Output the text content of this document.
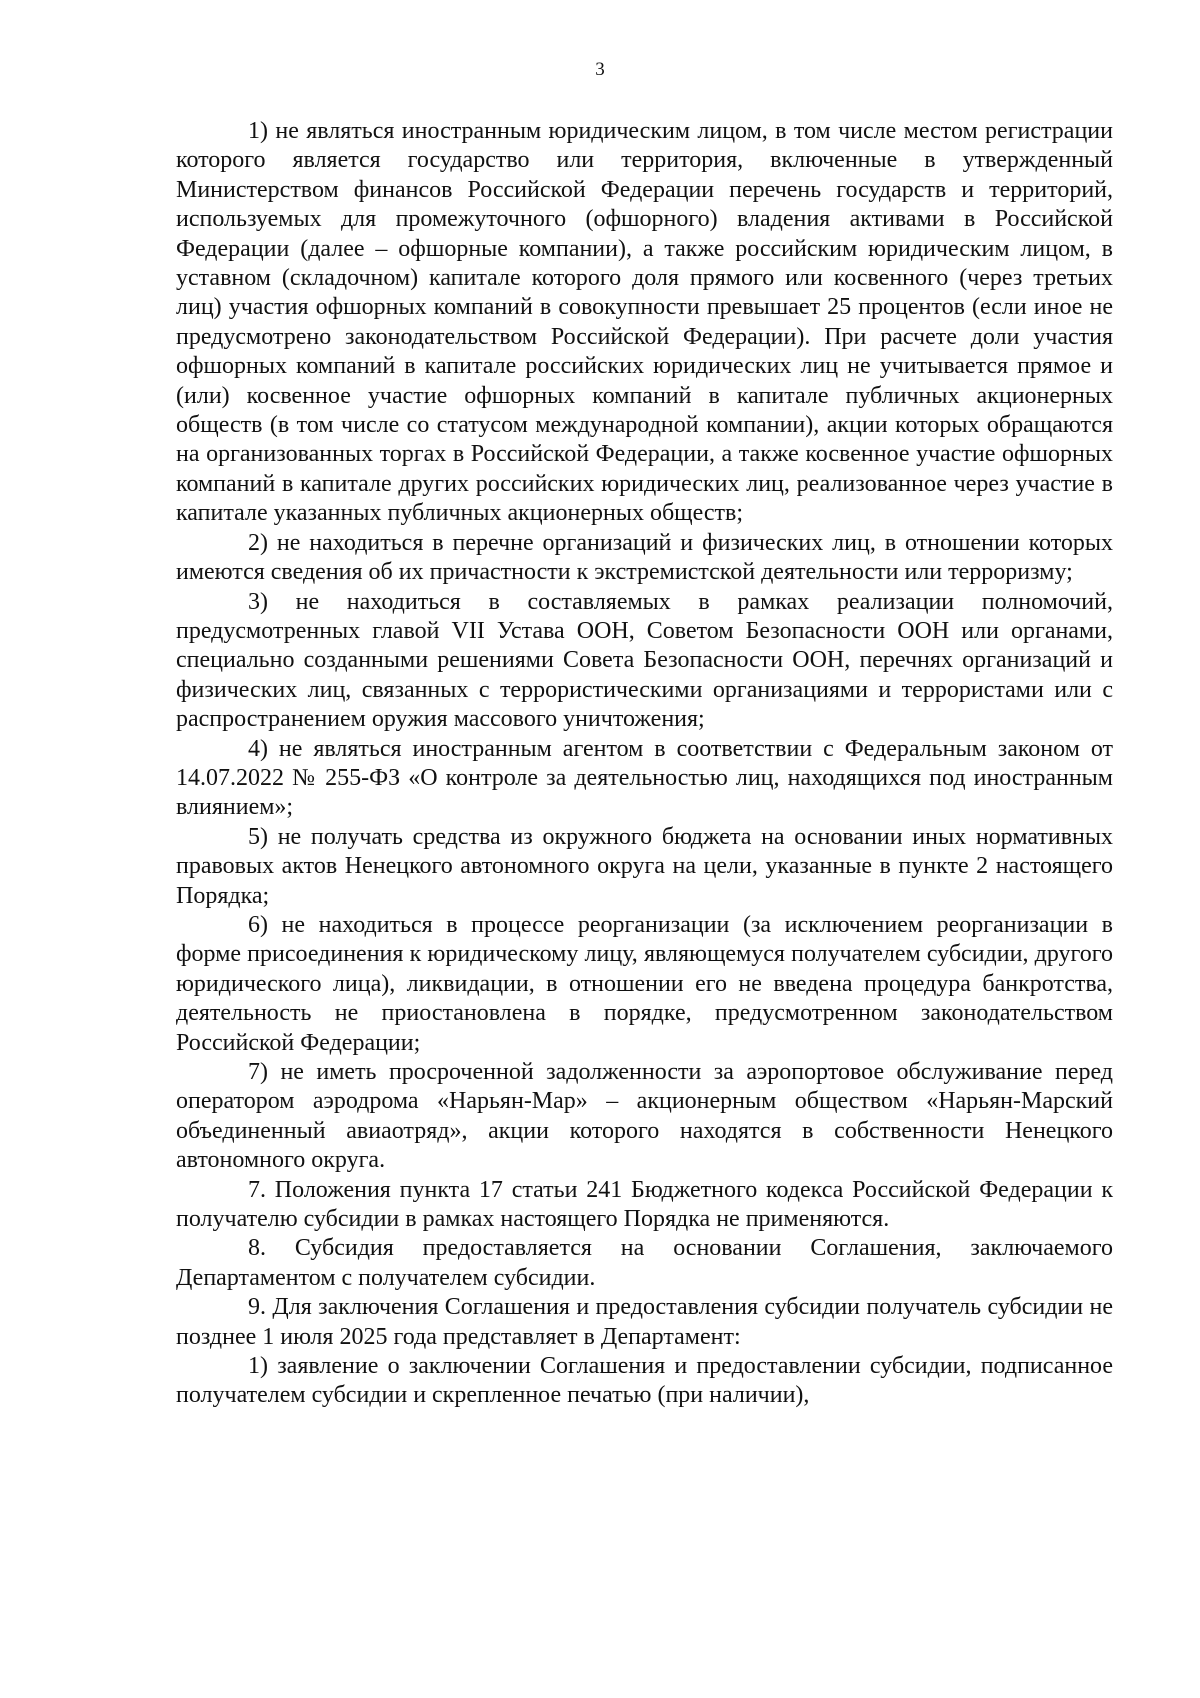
3

1) не являться иностранным юридическим лицом, в том числе местом регистрации которого является государство или территория, включенные в утвержденный Министерством финансов Российской Федерации перечень государств и территорий, используемых для промежуточного (офшорного) владения активами в Российской Федерации (далее – офшорные компании), а также российским юридическим лицом, в уставном (складочном) капитале которого доля прямого или косвенного (через третьих лиц) участия офшорных компаний в совокупности превышает 25 процентов (если иное не предусмотрено законодательством Российской Федерации). При расчете доли участия офшорных компаний в капитале российских юридических лиц не учитывается прямое и (или) косвенное участие офшорных компаний в капитале публичных акционерных обществ (в том числе со статусом международной компании), акции которых обращаются на организованных торгах в Российской Федерации, а также косвенное участие офшорных компаний в капитале других российских юридических лиц, реализованное через участие в капитале указанных публичных акционерных обществ;

2) не находиться в перечне организаций и физических лиц, в отношении которых имеются сведения об их причастности к экстремистской деятельности или терроризму;

3) не находиться в составляемых в рамках реализации полномочий, предусмотренных главой VII Устава ООН, Советом Безопасности ООН или органами, специально созданными решениями Совета Безопасности ООН, перечнях организаций и физических лиц, связанных с террористическими организациями и террористами или с распространением оружия массового уничтожения;

4) не являться иностранным агентом в соответствии с Федеральным законом от 14.07.2022 № 255-ФЗ «О контроле за деятельностью лиц, находящихся под иностранным влиянием»;

5) не получать средства из окружного бюджета на основании иных нормативных правовых актов Ненецкого автономного округа на цели, указанные в пункте 2 настоящего Порядка;

6) не находиться в процессе реорганизации (за исключением реорганизации в форме присоединения к юридическому лицу, являющемуся получателем субсидии, другого юридического лица), ликвидации, в отношении его не введена процедура банкротства, деятельность не приостановлена в порядке, предусмотренном законодательством Российской Федерации;

7) не иметь просроченной задолженности за аэропортовое обслуживание перед оператором аэродрома «Нарьян-Мар» – акционерным обществом «Нарьян-Марский объединенный авиаотряд», акции которого находятся в собственности Ненецкого автономного округа.

7. Положения пункта 17 статьи 241 Бюджетного кодекса Российской Федерации к получателю субсидии в рамках настоящего Порядка не применяются.

8. Субсидия предоставляется на основании Соглашения, заключаемого Департаментом с получателем субсидии.

9. Для заключения Соглашения и предоставления субсидии получатель субсидии не позднее 1 июля 2025 года представляет в Департамент:

1) заявление о заключении Соглашения и предоставлении субсидии, подписанное получателем субсидии и скрепленное печатью (при наличии),
